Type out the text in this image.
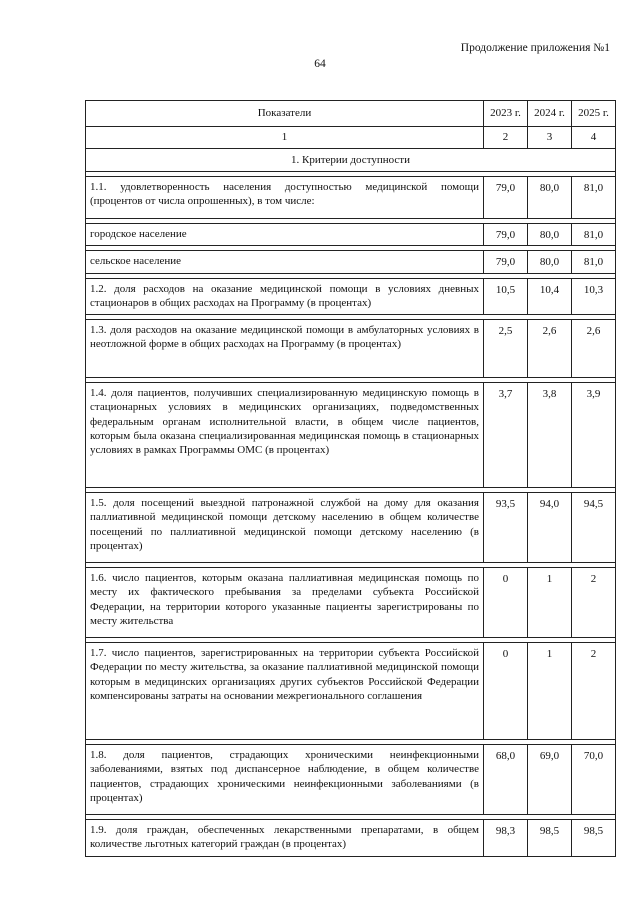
Продолжение приложения №1
64
Показатели	2023 г.	2024 г.	2025 г.
1	2	3	4
1. Критерии доступности			

1.1. удовлетворенность населения доступностью медицинской помощи (процентов от числа опрошенных), в том числе:	79,0	80,0	81,0

городское население	79,0	80,0	81,0

сельское население	79,0	80,0	81,0

1.2. доля расходов на оказание медицинской помощи в условиях дневных стационаров в общих расходах на Программу (в процентах)	10,5	10,4	10,3

1.3. доля расходов на оказание медицинской помощи в амбулаторных условиях в неотложной форме в общих расходах на Программу (в процентах)	2,5	2,6	2,6

1.4. доля пациентов, получивших специализированную медицинскую помощь в стационарных условиях в медицинских организациях, подведомственных федеральным органам исполнительной власти, в общем числе пациентов, которым была оказана специализированная медицинская помощь в стационарных условиях в рамках Программы ОМС (в процентах)	3,7	3,8	3,9

1.5. доля посещений выездной патронажной службой на дому для оказания паллиативной медицинской помощи детскому населению в общем количестве посещений по паллиативной медицинской помощи детскому населению (в процентах)	93,5	94,0	94,5

1.6. число пациентов, которым оказана паллиативная медицинская помощь по месту их фактического пребывания за пределами субъекта Российской Федерации, на территории которого указанные пациенты зарегистрированы по месту жительства	0	1	2

1.7. число пациентов, зарегистрированных на территории субъекта Российской Федерации по месту жительства, за оказание паллиативной медицинской помощи которым в медицинских организациях других субъектов Российской Федерации компенсированы затраты на основании межрегионального соглашения	0	1	2

1.8. доля пациентов, страдающих хроническими неинфекционными заболеваниями, взятых под диспансерное наблюдение, в общем количестве пациентов, страдающих хроническими неинфекционными заболеваниями (в процентах)	68,0	69,0	70,0

1.9. доля граждан, обеспеченных лекарственными препаратами, в общем количестве льготных категорий граждан (в процентах)	98,3	98,5	98,5
